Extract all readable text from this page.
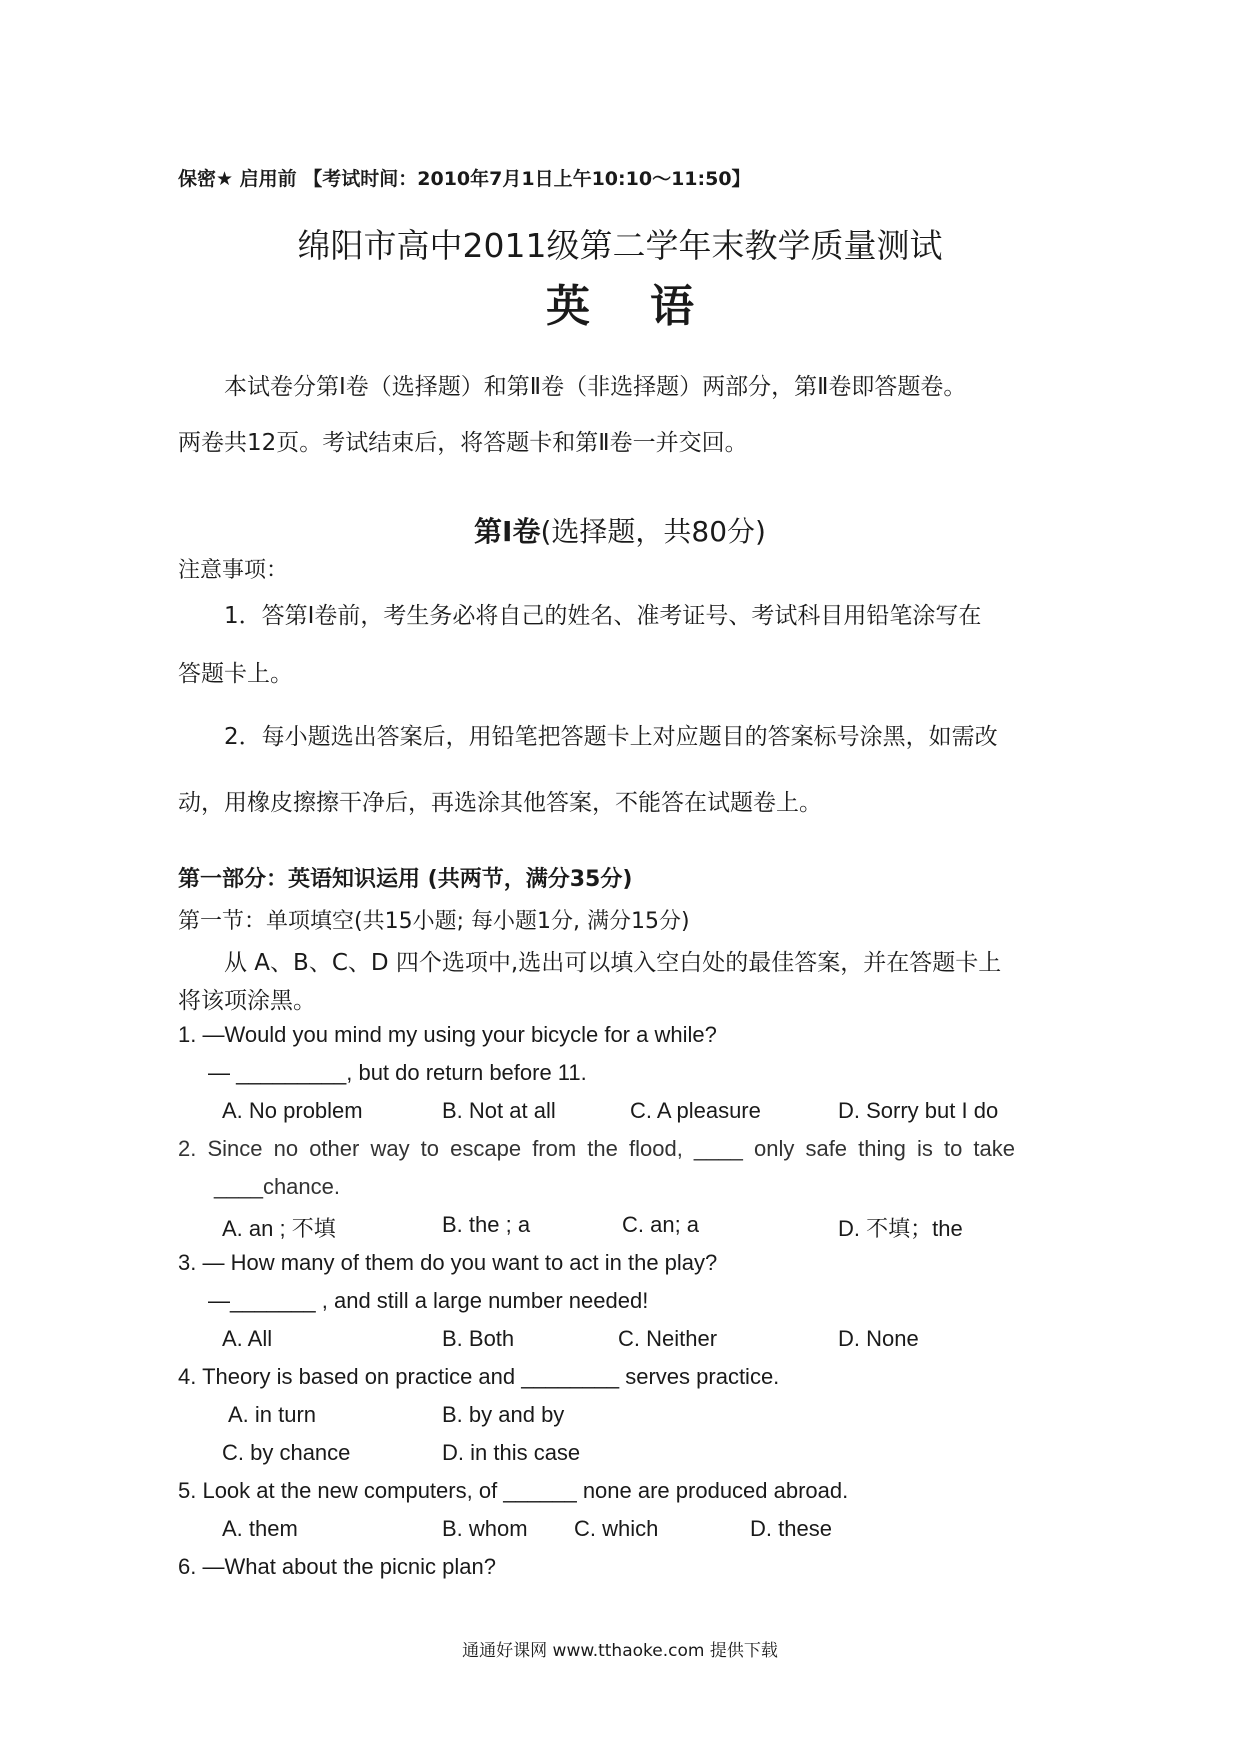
保密★ 启用前 【考试时间：2010年7月1日上午10:10～11:50】
绵阳市高中2011级第二学年末教学质量测试
英语
本试卷分第Ⅰ卷（选择题）和第Ⅱ卷（非选择题）两部分，第Ⅱ卷即答题卷。
两卷共12页。考试结束后，将答题卡和第Ⅱ卷一并交回。
第Ⅰ卷(选择题，共80分)
注意事项：
1．答第Ⅰ卷前，考生务必将自己的姓名、准考证号、考试科目用铅笔涂写在
答题卡上。
2．每小题选出答案后，用铅笔把答题卡上对应题目的答案标号涂黑，如需改
动，用橡皮擦擦干净后，再选涂其他答案，不能答在试题卷上。
第一部分：英语知识运用 (共两节，满分35分)
第一节：单项填空(共15小题; 每小题1分, 满分15分)
从 A、B、C、D 四个选项中,选出可以填入空白处的最佳答案，并在答题卡上
将该项涂黑。
1. —Would you mind my using your bicycle for a while?
— _________, but do return before 11.
A. No problem	B. Not at all	C. A pleasure	D. Sorry but I do
2. Since no other way to escape from the flood, ____ only safe thing is to take
____chance.
A. an ; 不填	B. the ; a	C. an; a	D. 不填；the
3. — How many of them do you want to act in the play?
—_______ , and still a large number needed!
A. All	B. Both	C. Neither	D. None
4. Theory is based on practice and ________ serves practice.
A. in turn	B. by and by
C. by chance	D. in this case
5. Look at the new computers, of ______ none are produced abroad.
A. them	B. whom C. which	D. these
6. —What about the picnic plan?
通通好课网 www.tthaoke.com 提供下载
